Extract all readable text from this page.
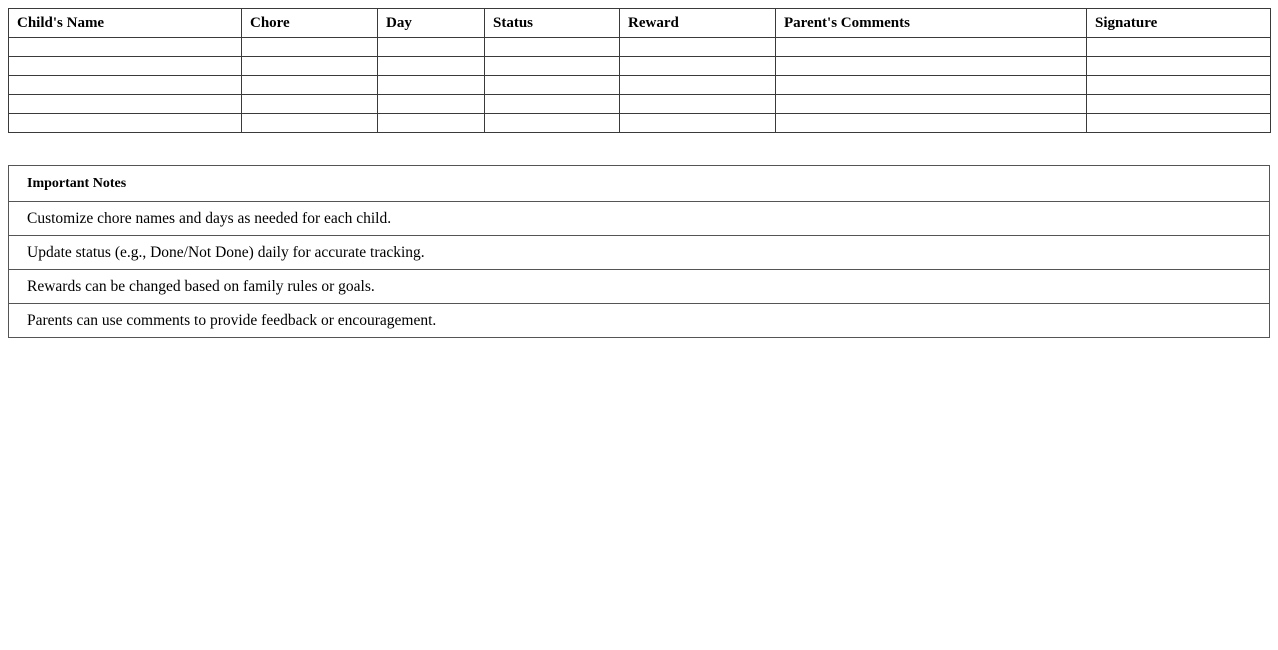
Child's Name	Chore	Day	Status	Reward	Parent's Comments	Signature

Important Notes
Customize chore names and days as needed for each child.
Update status (e.g., Done/Not Done) daily for accurate tracking.
Rewards can be changed based on family rules or goals.
Parents can use comments to provide feedback or encouragement.
